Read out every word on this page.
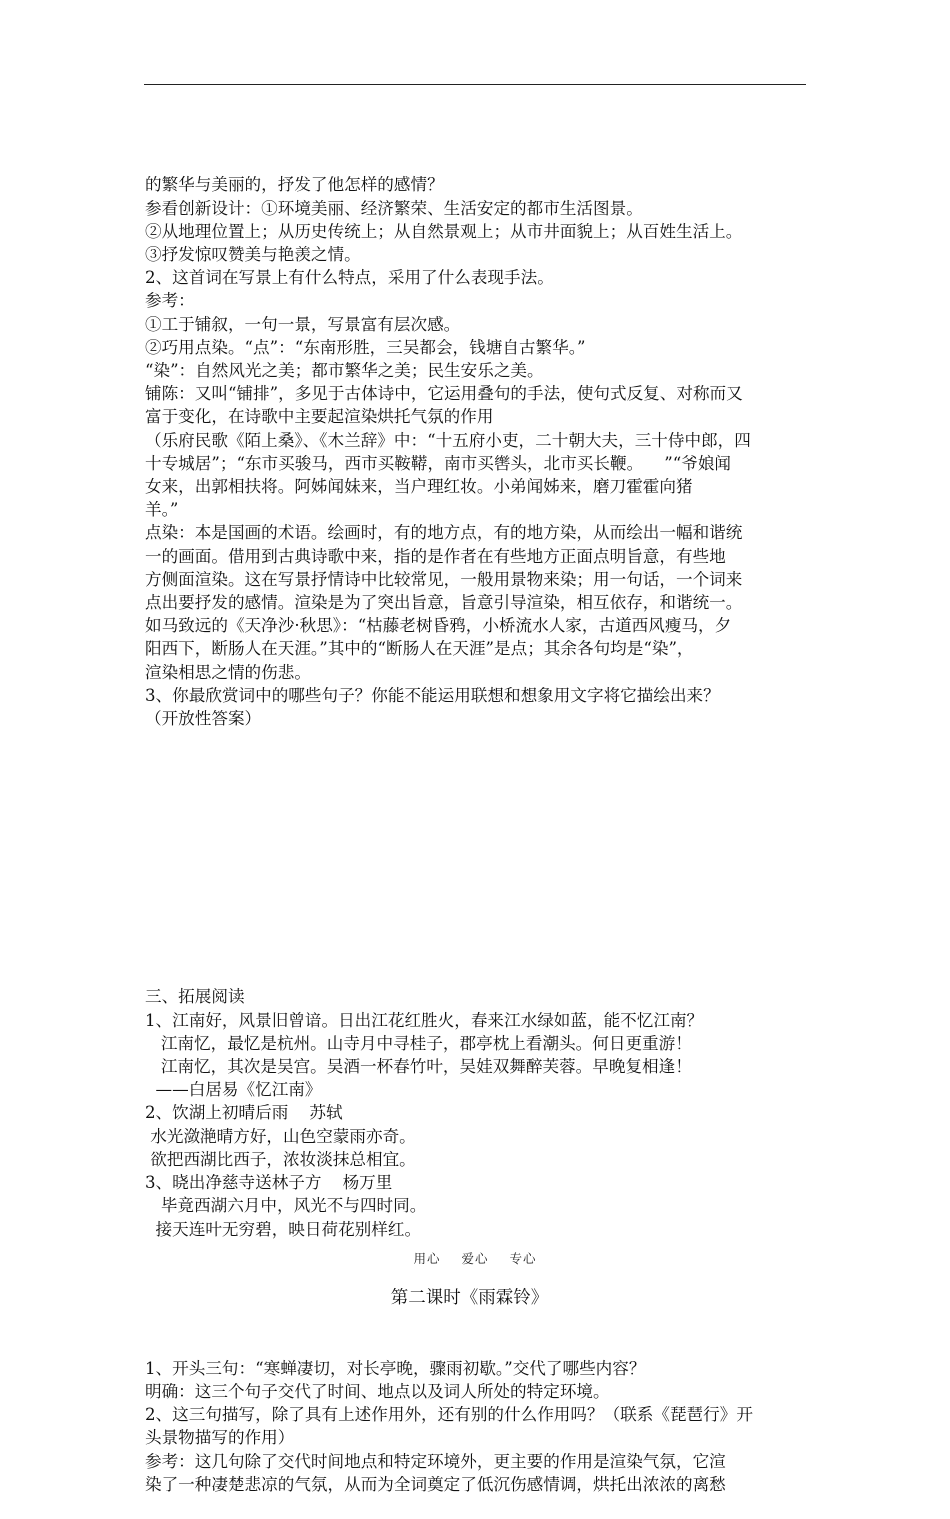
的繁华与美丽的，抒发了他怎样的感情？
参看创新设计：①环境美丽、经济繁荣、生活安定的都市生活图景。
②从地理位置上；从历史传统上；从自然景观上；从市井面貌上；从百姓生活上。
③抒发惊叹赞美与艳羡之情。
2、这首词在写景上有什么特点，采用了什么表现手法。
参考：
①工于铺叙，一句一景，写景富有层次感。
②巧用点染。“点”：“东南形胜，三吴都会，钱塘自古繁华。”
“染”：自然风光之美；都市繁华之美；民生安乐之美。
铺陈：又叫“铺排”，多见于古体诗中，它运用叠句的手法，使句式反复、对称而又
富于变化，在诗歌中主要起渲染烘托气氛的作用
（乐府民歌《陌上桑》、《木兰辞》中：“十五府小吏，二十朝大夫，三十侍中郎，四
十专城居”；“东市买骏马，西市买鞍鞯，南市买辔头，北市买长鞭。    ”“爷娘闻
女来，出郭相扶将。阿姊闻妹来，当户理红妆。小弟闻姊来，磨刀霍霍向猪
羊。”
点染：本是国画的术语。绘画时，有的地方点，有的地方染，从而绘出一幅和谐统
一的画面。借用到古典诗歌中来，指的是作者在有些地方正面点明旨意，有些地
方侧面渲染。这在写景抒情诗中比较常见，一般用景物来染；用一句话，一个词来
点出要抒发的感情。渲染是为了突出旨意，旨意引导渲染，相互依存，和谐统一。
如马致远的《天净沙·秋思》：“枯藤老树昏鸦，小桥流水人家，古道西风瘦马，夕
阳西下，断肠人在天涯。”其中的“断肠人在天涯”是点；其余各句均是“染”，
渲染相思之情的伤悲。
3、你最欣赏词中的哪些句子？你能不能运用联想和想象用文字将它描绘出来？
（开放性答案）

三、拓展阅读
1、江南好，风景旧曾谙。日出江花红胜火，春来江水绿如蓝，能不忆江南？
江南忆，最忆是杭州。山寺月中寻桂子，郡亭枕上看潮头。何日更重游！
江南忆，其次是吴宫。吴酒一杯春竹叶，吴娃双舞醉芙蓉。早晚复相逢！
——白居易《忆江南》
2、饮湖上初晴后雨    苏轼
水光潋滟晴方好，山色空蒙雨亦奇。
欲把西湖比西子，浓妆淡抹总相宜。
3、晓出净慈寺送林子方    杨万里
毕竟西湖六月中，风光不与四时同。
接天连叶无穷碧，映日荷花别样红。

第二课时《雨霖铃》

1、开头三句：“寒蝉凄切，对长亭晚，骤雨初歇。”交代了哪些内容？
明确：这三个句子交代了时间、地点以及词人所处的特定环境。
2、这三句描写，除了具有上述作用外，还有别的什么作用吗？（联系《琵琶行》开
头景物描写的作用）
参考：这几句除了交代时间地点和特定环境外，更主要的作用是渲染气氛，它渲
染了一种凄楚悲凉的气氛，从而为全词奠定了低沉伤感情调，烘托出浓浓的离愁

用心 爱心 专心
